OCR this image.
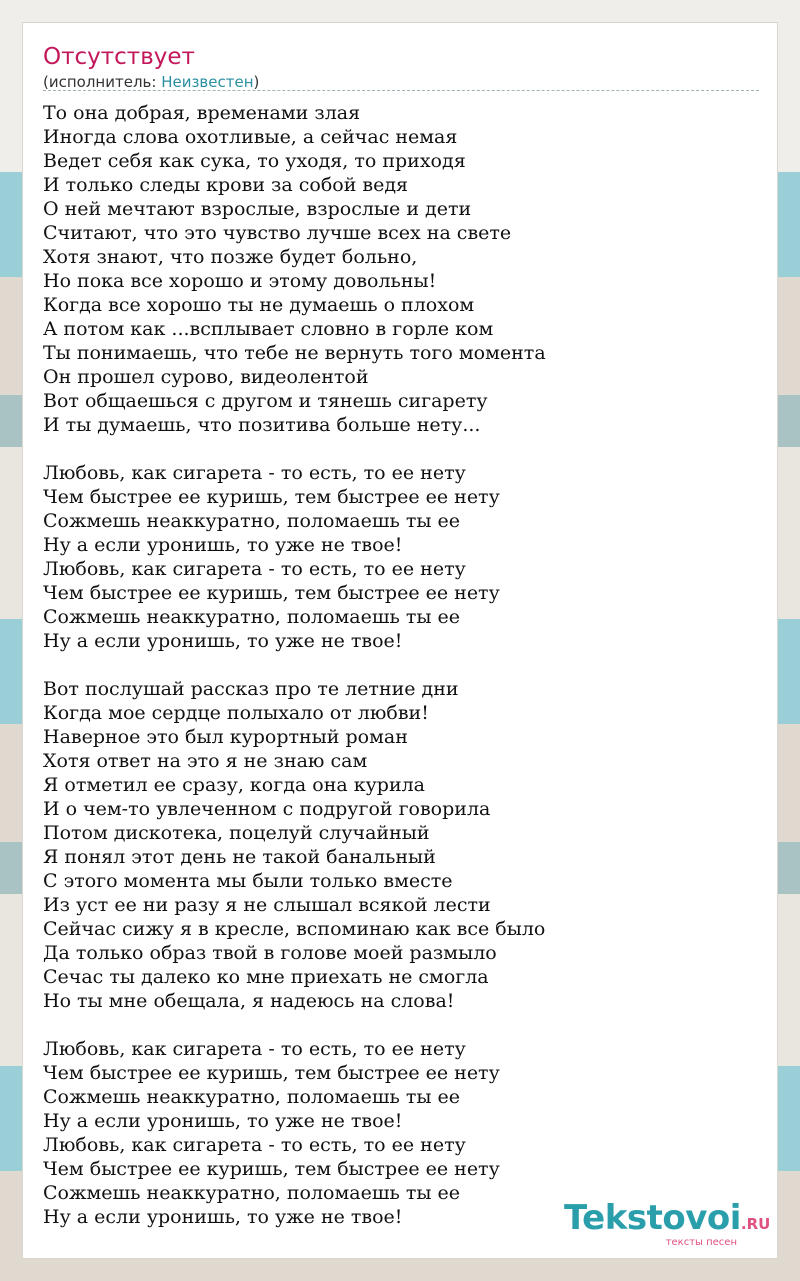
Отсутствует
(исполнитель: Неизвестен)

То она добрая, временами злая
Иногда слова охотливые, а сейчас немая
Ведет себя как сука, то уходя, то приходя
И только следы крови за собой ведя
О ней мечтают взрослые, взрослые и дети
Считают, что это чувство лучше всех на свете
Хотя знают, что позже будет больно,
Но пока все хорошо и этому довольны!
Когда все хорошо ты не думаешь о плохом
А потом как ...всплывает словно в горле ком
Ты понимаешь, что тебе не вернуть того момента
Он прошел сурово, видеолентой
Вот общаешься с другом и тянешь сигарету
И ты думаешь, что позитива больше нету...

Любовь, как сигарета - то есть, то ее нету
Чем быстрее ее куришь, тем быстрее ее нету
Сожмешь неаккуратно, поломаешь ты ее
Ну а если уронишь, то уже не твое!
Любовь, как сигарета - то есть, то ее нету
Чем быстрее ее куришь, тем быстрее ее нету
Сожмешь неаккуратно, поломаешь ты ее
Ну а если уронишь, то уже не твое!

Вот послушай рассказ про те летние дни
Когда мое сердце полыхало от любви!
Наверное это был курортный роман
Хотя ответ на это я не знаю сам
Я отметил ее сразу, когда она курила
И о чем-то увлеченном с подругой говорила
Потом дискотека, поцелуй случайный
Я понял этот день не такой банальный
С этого момента мы были только вместе
Из уст ее ни разу я не слышал всякой лести
Сейчас сижу я в кресле, вспоминаю как все было
Да только образ твой в голове моей размыло
Сечас ты далеко ко мне приехать не смогла
Но ты мне обещала, я надеюсь на слова!

Любовь, как сигарета - то есть, то ее нету
Чем быстрее ее куришь, тем быстрее ее нету
Сожмешь неаккуратно, поломаешь ты ее
Ну а если уронишь, то уже не твое!
Любовь, как сигарета - то есть, то ее нету
Чем быстрее ее куришь, тем быстрее ее нету
Сожмешь неаккуратно, поломаешь ты ее
Ну а если уронишь, то уже не твое!	Tekstovoi.RU
тексты песен
